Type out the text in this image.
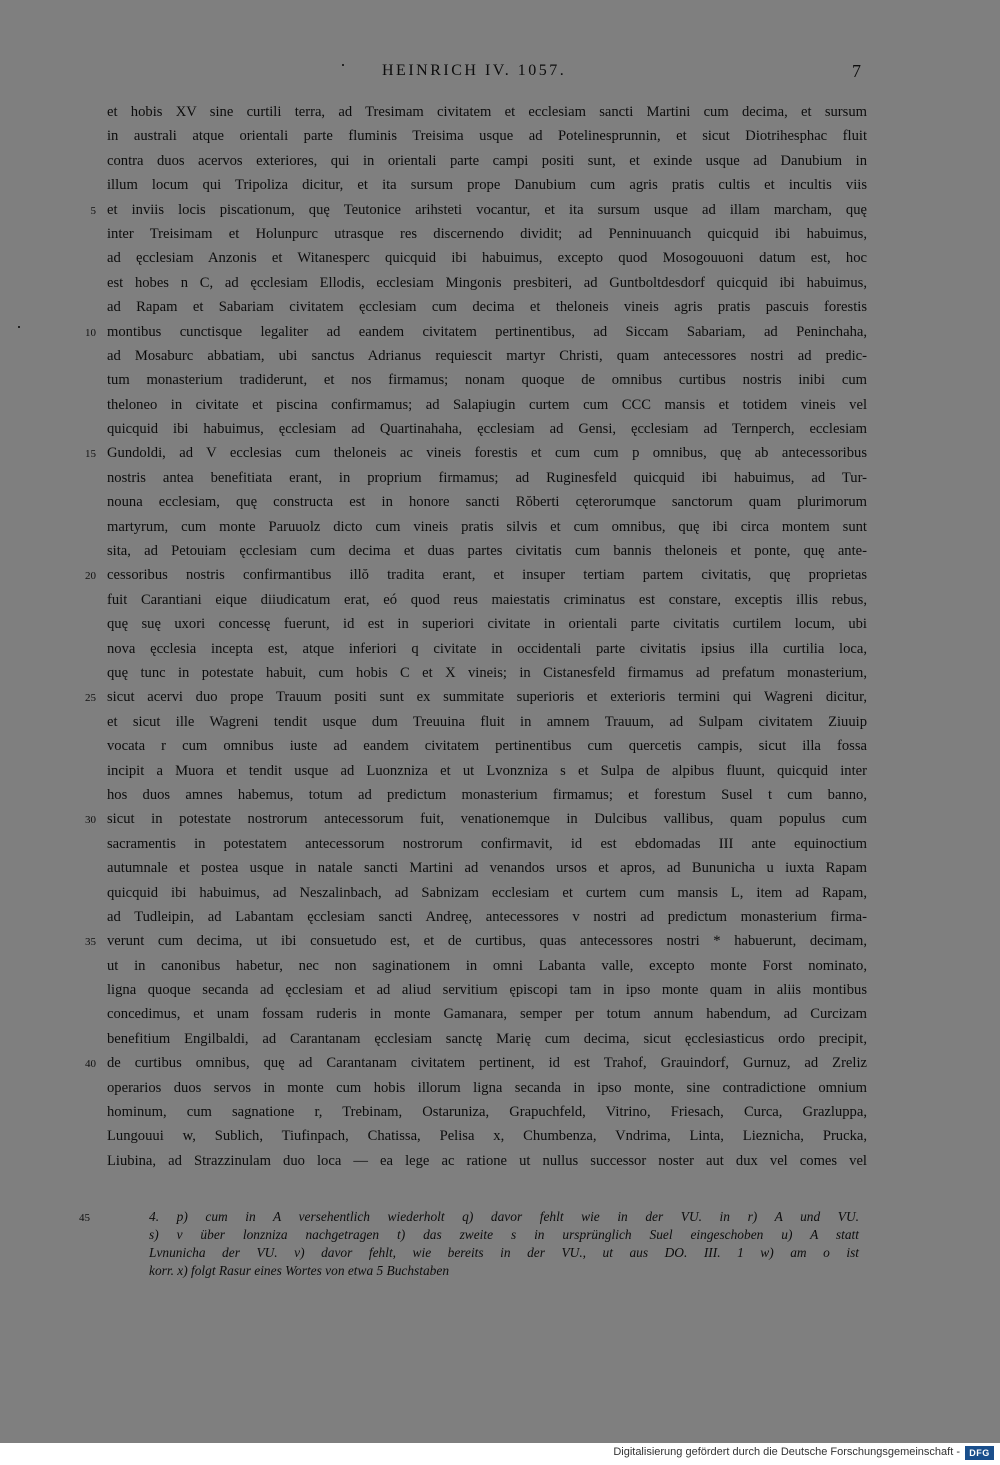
HEINRICH IV. 1057.	7
et hobis XV sine curtili terra, ad Tresimam civitatem et ecclesiam sancti Martini cum decima, et sursum
in australi atque orientali parte fluminis Treisima usque ad Potelinesprunnin, et sicut Diotrihesphac fluit
contra duos acervos exteriores, qui in orientali parte campi positi sunt, et exinde usque ad Danubium in
illum locum qui Tripoliza dicitur, et ita sursum prope Danubium cum agris pratis cultis et incultis viis
5 et inviis locis piscationum, quę Teutonice arihsteti vocantur, et ita sursum usque ad illam marcham, quę
inter Treisimam et Holunpurc utrasque res discernendo dividit; ad Penninuuanch quicquid ibi habuimus,
ad ęcclesiam Anzonis et Witanesperc quicquid ibi habuimus, excepto quod Mosogouuoni datum est, hoc
est hobes n C, ad ęcclesiam Ellodis, ecclesiam Mingonis presbiteri, ad Guntboltdesdorf quicquid ibi habuimus,
ad Rapam et Sabariam civitatem ęcclesiam cum decima et theloneis vineis agris pratis pascuis forestis
10 montibus cunctisque legaliter ad eandem civitatem pertinentibus, ad Siccam Sabariam, ad Peninchaha,
ad Mosaburc abbatiam, ubi sanctus Adrianus requiescit martyr Christi, quam antecessores nostri ad predic-
tum monasterium tradiderunt, et nos firmamus; nonam quoque de omnibus curtibus nostris inibi cum
theloneo in civitate et piscina confirmamus; ad Salapiugin curtem cum CCC mansis et totidem vineis vel
quicquid ibi habuimus, ęcclesiam ad Quartinahaha, ęcclesiam ad Gensi, ęcclesiam ad Ternperch, ecclesiam
15 Gundoldi, ad V ecclesias cum theloneis ac vineis forestis et cum cum p omnibus, quę ab antecessoribus
nostris antea benefitiata erant, in proprium firmamus; ad Ruginesfeld quicquid ibi habuimus, ad Tur-
nouna ecclesiam, quę constructa est in honore sancti Rŏberti cęterorumque sanctorum quam plurimorum
martyrum, cum monte Paruuolz dicto cum vineis pratis silvis et cum omnibus, quę ibi circa montem sunt
sita, ad Petouiam ęcclesiam cum decima et duas partes civitatis cum bannis theloneis et ponte, quę ante-
20 cessoribus nostris confirmantibus illŏ tradita erant, et insuper tertiam partem civitatis, quę proprietas
fuit Carantiani eique diiudicatum erat, eó quod reus maiestatis criminatus est constare, exceptis illis rebus,
quę suę uxori concessę fuerunt, id est in superiori civitate in orientali parte civitatis curtilem locum, ubi
nova ęcclesia incepta est, atque inferiori q civitate in occidentali parte civitatis ipsius illa curtilia loca,
quę tunc in potestate habuit, cum hobis C et X vineis; in Cistanesfeld firmamus ad prefatum monasterium,
25 sicut acervi duo prope Trauum positi sunt ex summitate superioris et exterioris termini qui Wagreni dicitur,
et sicut ille Wagreni tendit usque dum Treuuina fluit in amnem Trauum, ad Sulpam civitatem Ziuuip
vocata r cum omnibus iuste ad eandem civitatem pertinentibus cum quercetis campis, sicut illa fossa
incipit a Muora et tendit usque ad Luonzniza et ut Lvonzniza s et Sulpa de alpibus fluunt, quicquid inter
hos duos amnes habemus, totum ad predictum monasterium firmamus; et forestum Susel t cum banno,
30 sicut in potestate nostrorum antecessorum fuit, venationemque in Dulcibus vallibus, quam populus cum
sacramentis in potestatem antecessorum nostrorum confirmavit, id est ebdomadas III ante equinoctium
autumnale et postea usque in natale sancti Martini ad venandos ursos et apros, ad Bununicha u iuxta Rapam
quicquid ibi habuimus, ad Neszalinbach, ad Sabnizam ecclesiam et curtem cum mansis L, item ad Rapam,
ad Tudleipin, ad Labantam ęcclesiam sancti Andreę, antecessores v nostri ad predictum monasterium firma-
35 verunt cum decima, ut ibi consuetudo est, et de curtibus, quas antecessores nostri * habuerunt, decimam,
ut in canonibus habetur, nec non saginationem in omni Labanta valle, excepto monte Forst nominato,
ligna quoque secanda ad ęcclesiam et ad aliud servitium ępiscopi tam in ipso monte quam in aliis montibus
concedimus, et unam fossam ruderis in monte Gamanara, semper per totum annum habendum, ad Curcizam
benefitium Engilbaldi, ad Carantanam ęcclesiam sanctę Marię cum decima, sicut ęcclesiasticus ordo precipit,
40 de curtibus omnibus, quę ad Carantanam civitatem pertinent, id est Trahof, Grauindorf, Gurnuz, ad Zreliz
operarios duos servos in monte cum hobis illorum ligna secanda in ipso monte, sine contradictione omnium
hominum, cum sagnatione r, Trebinam, Ostaruniza, Grapuchfeld, Vitrino, Friesach, Curca, Grazluppa,
Lungouui w, Sublich, Tiufinpach, Chatissa, Pelisa x, Chumbenza, Vndrima, Linta, Lieznicha, Prucka,
Liubina, ad Strazzinulam duo loca — ea lege ac ratione ut nullus successor noster aut dux vel comes vel
45	4. p) cum in A versehentlich wiederholt q) davor fehlt wie in der VU. in r) A und VU.
s) v über lonzniza nachgetragen t) das zweite s in ursprünglich Suel eingeschoben u) A statt
Lvnunicha der VU. v) davor fehlt, wie bereits in der VU., ut aus DO. III. 1 w) am o ist
korr. x) folgt Rasur eines Wortes von etwa 5 Buchstaben
Digitalisierung gefördert durch die Deutsche Forschungsgemeinschaft -	DFG
